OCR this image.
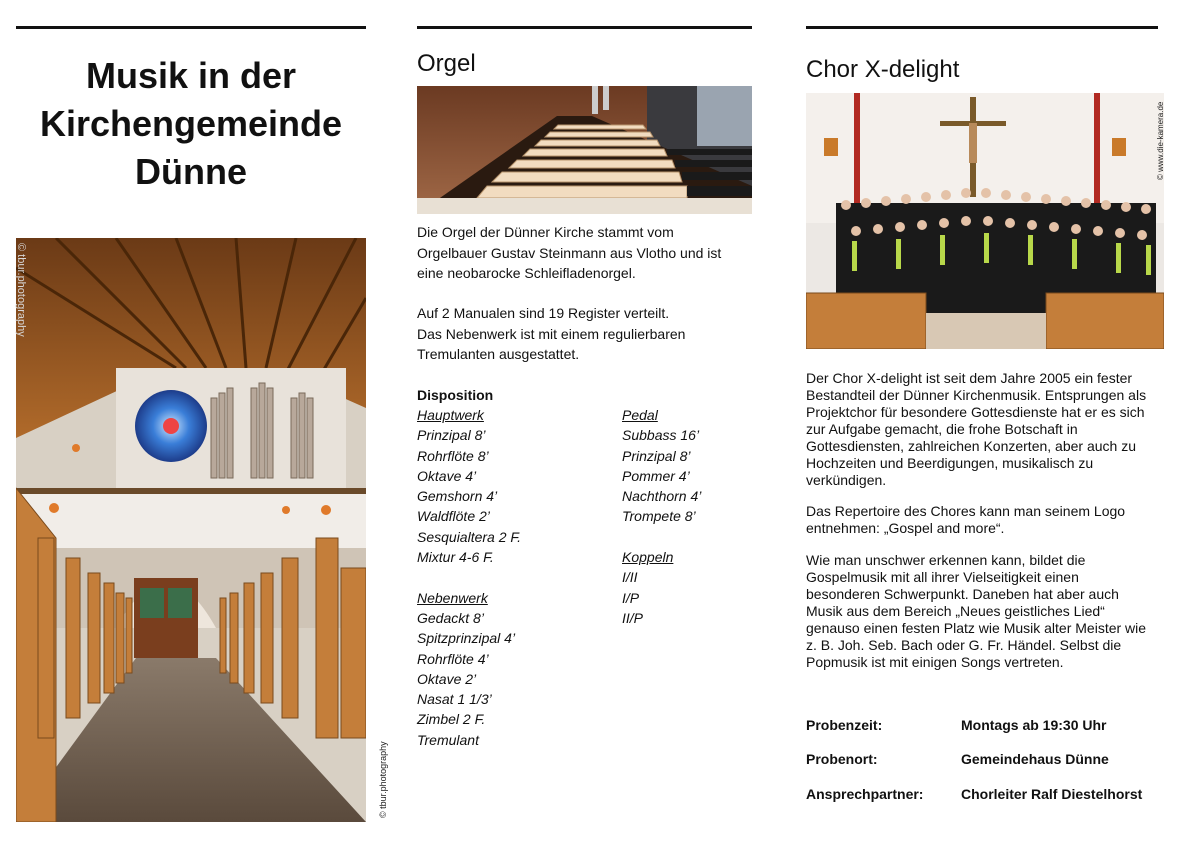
Musik in der
Kirchengemeinde
Dünne
© tbur.photography
© tbur.photography
Orgel
Die Orgel der Dünner Kirche stammt vom
Orgelbauer Gustav Steinmann aus Vlotho und ist
eine neobarocke Schleifladenorgel.
Auf 2 Manualen sind 19 Register verteilt.
Das Nebenwerk ist mit einem regulierbaren
Tremulanten ausgestattet.
Disposition
Hauptwerk
Prinzipal 8’
Rohrflöte 8’
Oktave 4’
Gemshorn 4’
Waldflöte 2’
Sesquialtera 2 F.
Mixtur 4-6 F.
Nebenwerk
Gedackt 8’
Spitzprinzipal 4’
Rohrflöte 4’
Oktave 2’
Nasat 1 1/3’
Zimbel 2 F.
Tremulant
Pedal
Subbass 16’
Prinzipal 8’
Pommer 4’
Nachthorn 4’
Trompete 8’
Koppeln
I/II
I/P
II/P
Chor X-delight
© www.die-kamera.de
Der Chor X-delight ist seit dem Jahre 2005 ein fester
Bestandteil der Dünner Kirchenmusik. Entsprungen als
Projektchor für besondere Gottesdienste hat er es sich
zur Aufgabe gemacht, die frohe Botschaft in
Gottesdiensten, zahlreichen Konzerten, aber auch zu
Hochzeiten und Beerdigungen, musikalisch zu
verkündigen.
Das Repertoire des Chores kann man seinem Logo
entnehmen: „Gospel and more“.
Wie man unschwer erkennen kann, bildet die
Gospelmusik mit all ihrer Vielseitigkeit einen
besonderen Schwerpunkt. Daneben hat aber auch
Musik aus dem Bereich „Neues geistliches Lied“
genauso einen festen Platz wie Musik alter Meister wie
z. B. Joh. Seb. Bach oder G. Fr. Händel. Selbst die
Popmusik ist mit einigen Songs vertreten.
Probenzeit:	Montags ab 19:30 Uhr
Probenort:	Gemeindehaus Dünne
Ansprechpartner:	Chorleiter Ralf Diestelhorst
